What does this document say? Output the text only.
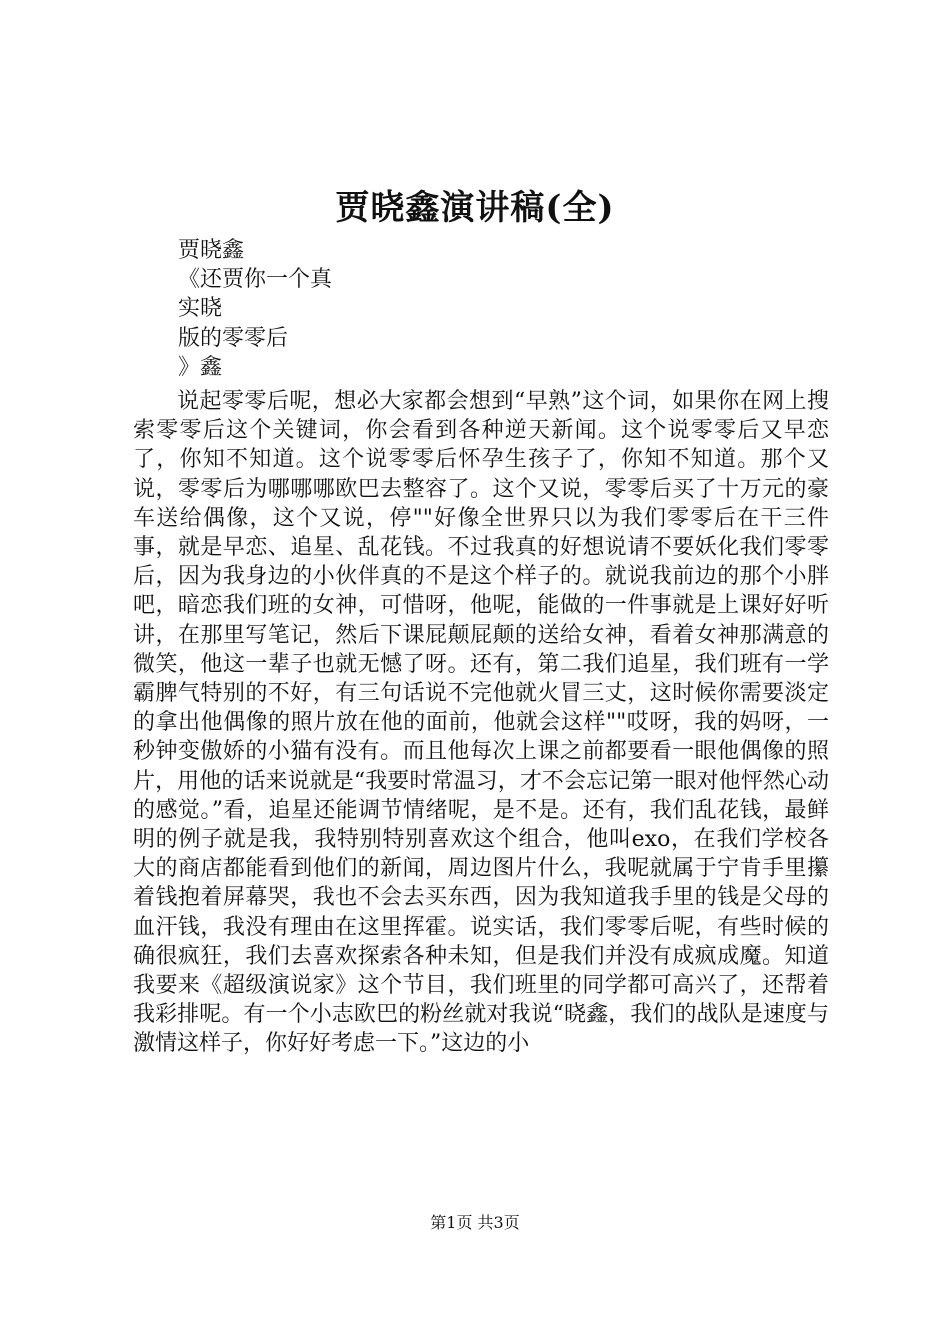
贾晓鑫演讲稿(全)
贾晓鑫
《还贾你一个真
实晓
版的零零后
》鑫

说起零零后呢，想必大家都会想到“早熟”这个词，如果你在网上搜索零零后这个关键词，你会看到各种逆天新闻。这个说零零后又早恋了，你知不知道。这个说零零后怀孕生孩子了，你知不知道。那个又说，零零后为哪哪哪欧巴去整容了。这个又说，零零后买了十万元的豪车送给偶像，这个又说，停""好像全世界只以为我们零零后在干三件事，就是早恋、追星、乱花钱。不过我真的好想说请不要妖化我们零零后，因为我身边的小伙伴真的不是这个样子的。就说我前边的那个小胖吧，暗恋我们班的女神，可惜呀，他呢，能做的一件事就是上课好好听讲，在那里写笔记，然后下课屁颠屁颠的送给女神，看着女神那满意的微笑，他这一辈子也就无憾了呀。还有，第二我们追星，我们班有一学霸脾气特别的不好，有三句话说不完他就火冒三丈，这时候你需要淡定的拿出他偶像的照片放在他的面前，他就会这样""哎呀，我的妈呀，一秒钟变傲娇的小猫有没有。而且他每次上课之前都要看一眼他偶像的照片，用他的话来说就是“我要时常温习，才不会忘记第一眼对他怦然心动的感觉。”看，追星还能调节情绪呢，是不是。还有，我们乱花钱，最鲜明的例子就是我，我特别特别喜欢这个组合，他叫exo，在我们学校各大的商店都能看到他们的新闻，周边图片什么，我呢就属于宁肯手里攥着钱抱着屏幕哭，我也不会去买东西，因为我知道我手里的钱是父母的血汗钱，我没有理由在这里挥霍。说实话，我们零零后呢，有些时候的确很疯狂，我们去喜欢探索各种未知，但是我们并没有成疯成魔。知道我要来《超级演说家》这个节目，我们班里的同学都可高兴了，还帮着我彩排呢。有一个小志欧巴的粉丝就对我说“晓鑫，我们的战队是速度与激情这样子，你好好考虑一下。”这边的小

第1页 共3页
